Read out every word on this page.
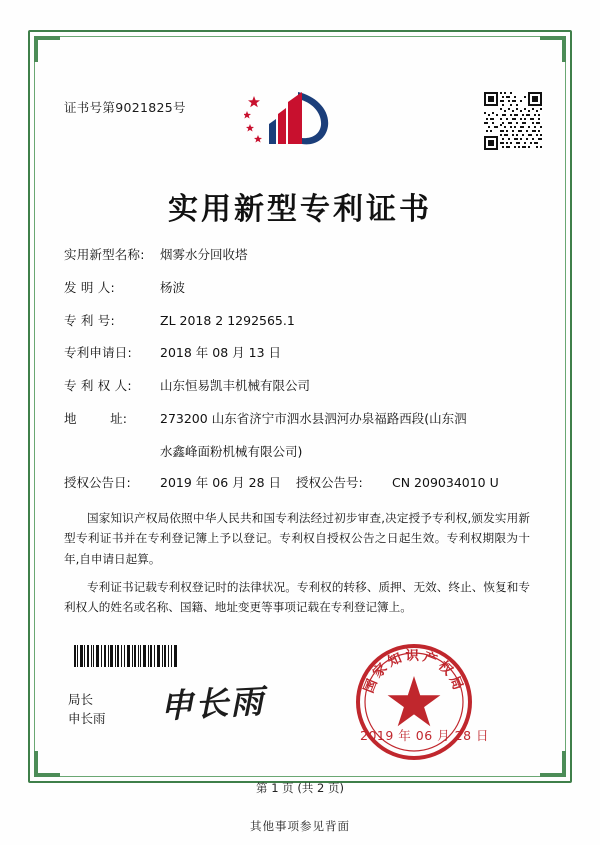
证书号第9021825号
实用新型专利证书
实用新型名称:	烟雾水分回收塔
发 明 人:	杨波
专 利 号:	ZL 2018 2 1292565.1
专利申请日:	2018 年 08 月 13 日
专 利 权 人:	山东恒易凯丰机械有限公司
地        址:	273200 山东省济宁市泗水县泗河办泉福路西段(山东泗
水鑫峰面粉机械有限公司)
授权公告日:	2019 年 06 月 28 日 授权公告号:	CN 209034010 U

国家知识产权局依照中华人民共和国专利法经过初步审查,决定授予专利权,颁发实用新型专利证书并在专利登记簿上予以登记。专利权自授权公告之日起生效。专利权期限为十年,自申请日起算。

专利证书记载专利权登记时的法律状况。专利权的转移、质押、无效、终止、恢复和专利权人的姓名或名称、国籍、地址变更等事项记载在专利登记簿上。

局长
申长雨 申长雨	国家知识产权局
2019 年 06 月 28 日
第 1 页 (共 2 页)
其他事项参见背面
